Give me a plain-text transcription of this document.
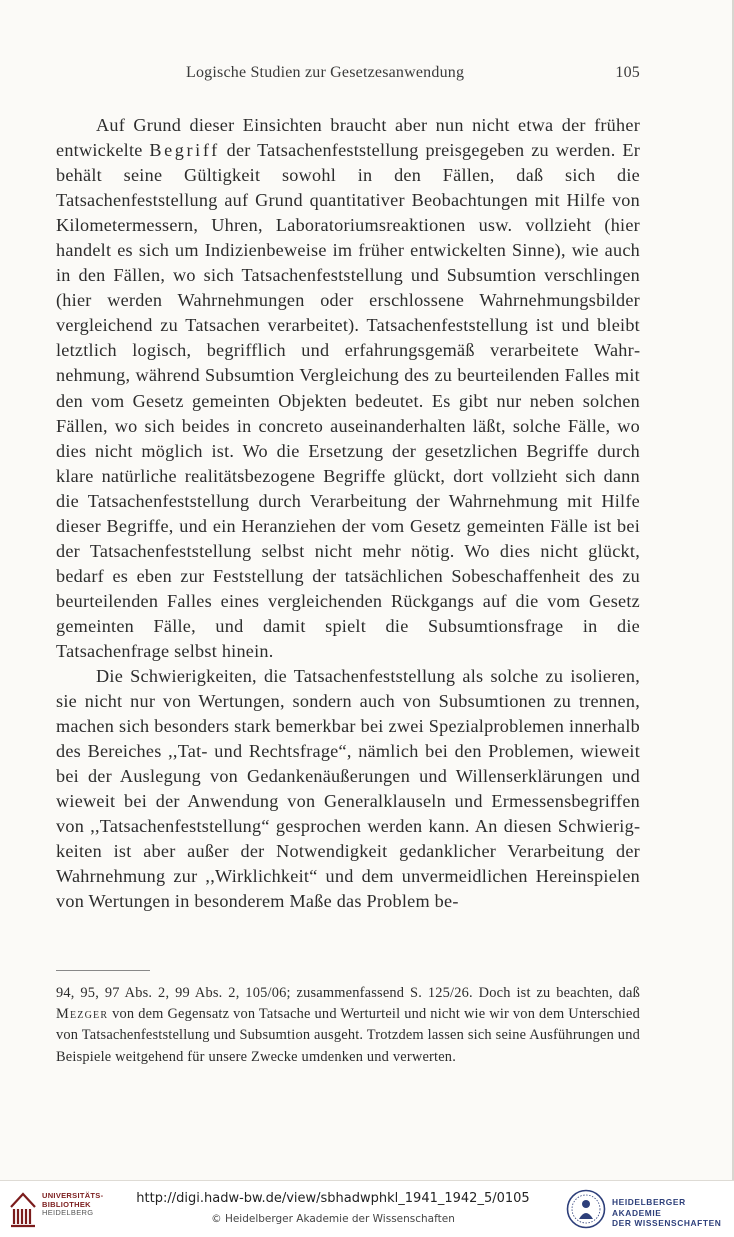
Logische Studien zur Gesetzesanwendung	105

Auf Grund dieser Einsichten braucht aber nun nicht etwa der früher entwickelte Begriff der Tatsachenfeststellung preisgegeben zu werden. Er behält seine Gültigkeit sowohl in den Fällen, daß sich die Tatsachenfeststellung auf Grund quantitativer Beobachtungen mit Hilfe von Kilometermessern, Uhren, Laboratoriumsreaktionen usw. vollzieht (hier handelt es sich um Indizienbeweise im früher entwickelten Sinne), wie auch in den Fällen, wo sich Tatsachenfeststellung und Subsumtion verschlingen (hier werden Wahrnehmungen oder erschlossene Wahrnehmungsbilder vergleichend zu Tatsachen verarbeitet). Tatsachenfeststellung ist und bleibt letztlich logisch, begrifflich und erfahrungsgemäß verarbeitete Wahrnehmung, während Subsumtion Vergleichung des zu beurteilenden Falles mit den vom Gesetz gemeinten Objekten bedeutet. Es gibt nur neben solchen Fällen, wo sich beides in concreto auseinanderhalten läßt, solche Fälle, wo dies nicht möglich ist. Wo die Ersetzung der gesetzlichen Begriffe durch klare natürliche realitätsbezogene Begriffe glückt, dort vollzieht sich dann die Tatsachenfeststellung durch Verarbeitung der Wahrnehmung mit Hilfe dieser Begriffe, und ein Heranziehen der vom Gesetz gemeinten Fälle ist bei der Tatsachenfeststellung selbst nicht mehr nötig. Wo dies nicht glückt, bedarf es eben zur Feststellung der tatsächlichen Sobeschaffenheit des zu beurteilenden Falles eines vergleichenden Rückgangs auf die vom Gesetz gemeinten Fälle, und damit spielt die Subsumtionsfrage in die Tatsachenfrage selbst hinein.

Die Schwierigkeiten, die Tatsachenfeststellung als solche zu isolieren, sie nicht nur von Wertungen, sondern auch von Subsumtionen zu trennen, machen sich besonders stark bemerkbar bei zwei Spezialproblemen innerhalb des Bereiches ,,Tat- und Rechtsfrage“, nämlich bei den Problemen, wieweit bei der Auslegung von Gedankenäußerungen und Willenserklärungen und wieweit bei der Anwendung von Generalklauseln und Ermessensbegriffen von ,,Tatsachenfeststellung“ gesprochen werden kann. An diesen Schwierigkeiten ist aber außer der Notwendigkeit gedanklicher Verarbeitung der Wahrnehmung zur ,,Wirklichkeit“ und dem unvermeidlichen Hereinspielen von Wertungen in besonderem Maße das Problem be-

94, 95, 97 Abs. 2, 99 Abs. 2, 105/06; zusammenfassend S. 125/26. Doch ist zu beachten, daß Mezger von dem Gegensatz von Tatsache und Werturteil und nicht wie wir von dem Unterschied von Tatsachenfeststellung und Subsumtion ausgeht. Trotzdem lassen sich seine Ausführungen und Beispiele weitgehend für unsere Zwecke umdenken und verwerten.

UNIVERSITÄTS-
BIBLIOTHEK
HEIDELBERG
http://digi.hadw-bw.de/view/sbhadwphkl_1941_1942_5/0105
© Heidelberger Akademie der Wissenschaften
HEIDELBERGER AKADEMIE
DER WISSENSCHAFTEN
